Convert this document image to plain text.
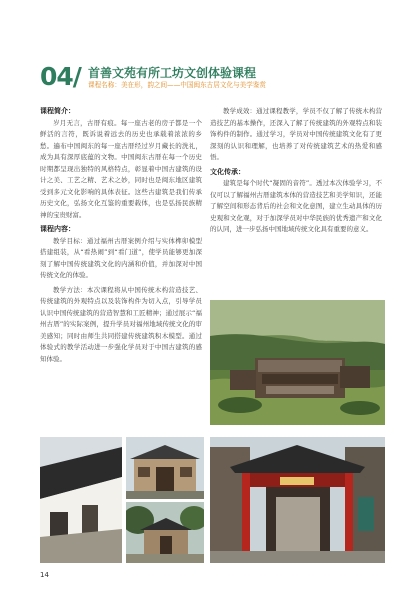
04/ 首善文苑有所工坊文创体验课程
课程名称：美在形，韵之间——中国闽东古居文化与美学鉴赏

课程简介：

岁月无言，古厝有痕。每一座古老的房子都是一个鲜活的言符，既诉说着远去的历史也承载着浓浓的乡愁。遍布中国闽东的每一座古厝经过岁月藏长的洗礼，成为具有深厚底蕴的文物。中国闽东古厝在每一个历史时期都呈现出独特的风格特点，彰显着中国古建筑的设计之美、工艺之精、艺术之妙，同时也是闽东地区建筑受到多元文化影响的具体表征。这些古建筑是我们传承历史文化，弘扬文化互鉴的重要载体，也是弘扬民族精神的宝贵财富。

课程内容：

教学目标：通过福州古厝案例介绍与实体榫卯模型搭建组装，从“看热闹”到“看门道”，使学员能够更加深刻了解中国传统建筑文化的内涵和价值，并加深对中国传统文化的体验。

教学方法：本次课程将从中国传统木构营造技艺、传统建筑的外观特点以及装饰构件为切入点，引导学员认识中国传统建筑的营造智慧和工匠精神；通过展示“福州古厝”的实际案例，提升学员对福州地域传统文化的审美感知；同时由师生共同搭建传统建筑积木模型。通过体验式的教学活动进一步强化学员对于中国古建筑的感知体验。

教学成效：通过课程教学，学员不仅了解了传统木构营造技艺的基本操作，还深入了解了传统建筑的外观特点和装饰构件的制作。通过学习，学员对中国传统建筑文化有了更深刻的认识和理解，也培养了对传统建筑艺术的热爱和感悟。

文化传承：

建筑是每个时代“凝固的音符”。透过本次体验学习，不仅可以了解福州古厝建筑本体的营造技艺和美学知识，还能了解空间和形态背后的社会和文化意图，建立生动具体的历史观和文化观，对于加深学员对中华民族的优秀遗产和文化的认同，进一步弘扬中国地域传统文化具有重要的意义。

14
